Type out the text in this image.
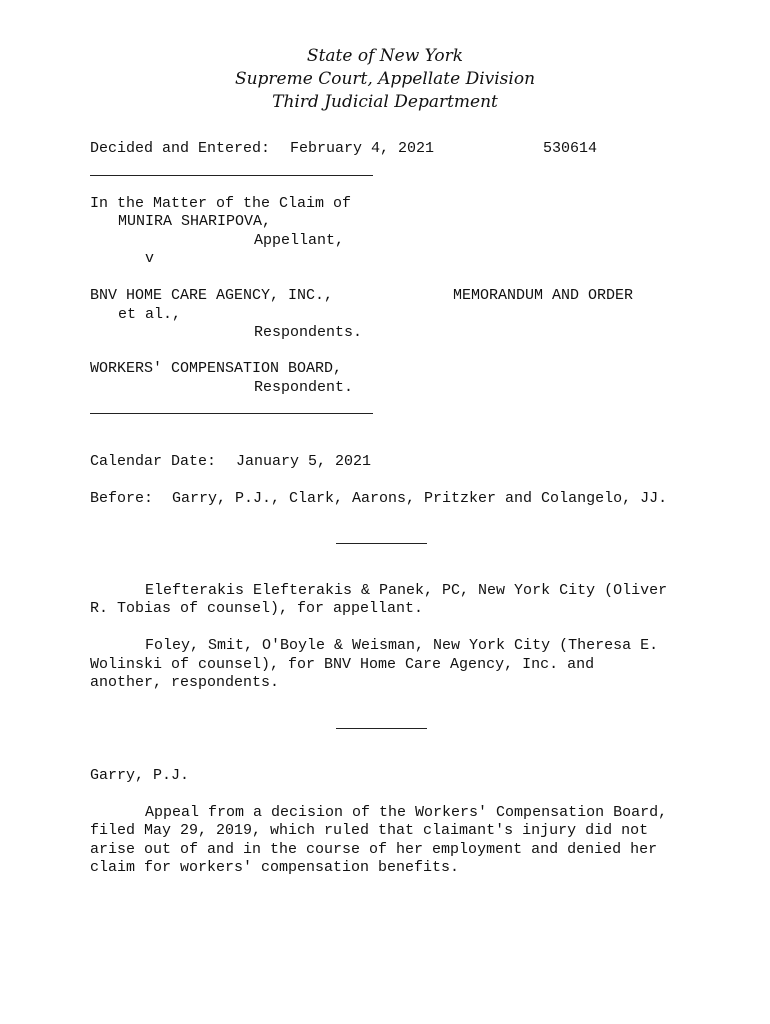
State of New York
Supreme Court, Appellate Division
Third Judicial Department
Decided and Entered: February 4, 2021	530614
In the Matter of the Claim of
MUNIRA SHARIPOVA,
Appellant,
v
BNV HOME CARE AGENCY, INC.,	MEMORANDUM AND ORDER
et al.,
Respondents.
WORKERS' COMPENSATION BOARD,
Respondent.
Calendar Date: January 5, 2021
Before: Garry, P.J., Clark, Aarons, Pritzker and Colangelo, JJ.
Elefterakis Elefterakis & Panek, PC, New York City (Oliver
R. Tobias of counsel), for appellant.
Foley, Smit, O'Boyle & Weisman, New York City (Theresa E.
Wolinski of counsel), for BNV Home Care Agency, Inc. and
another, respondents.
Garry, P.J.
Appeal from a decision of the Workers' Compensation Board,
filed May 29, 2019, which ruled that claimant's injury did not
arise out of and in the course of her employment and denied her
claim for workers' compensation benefits.
